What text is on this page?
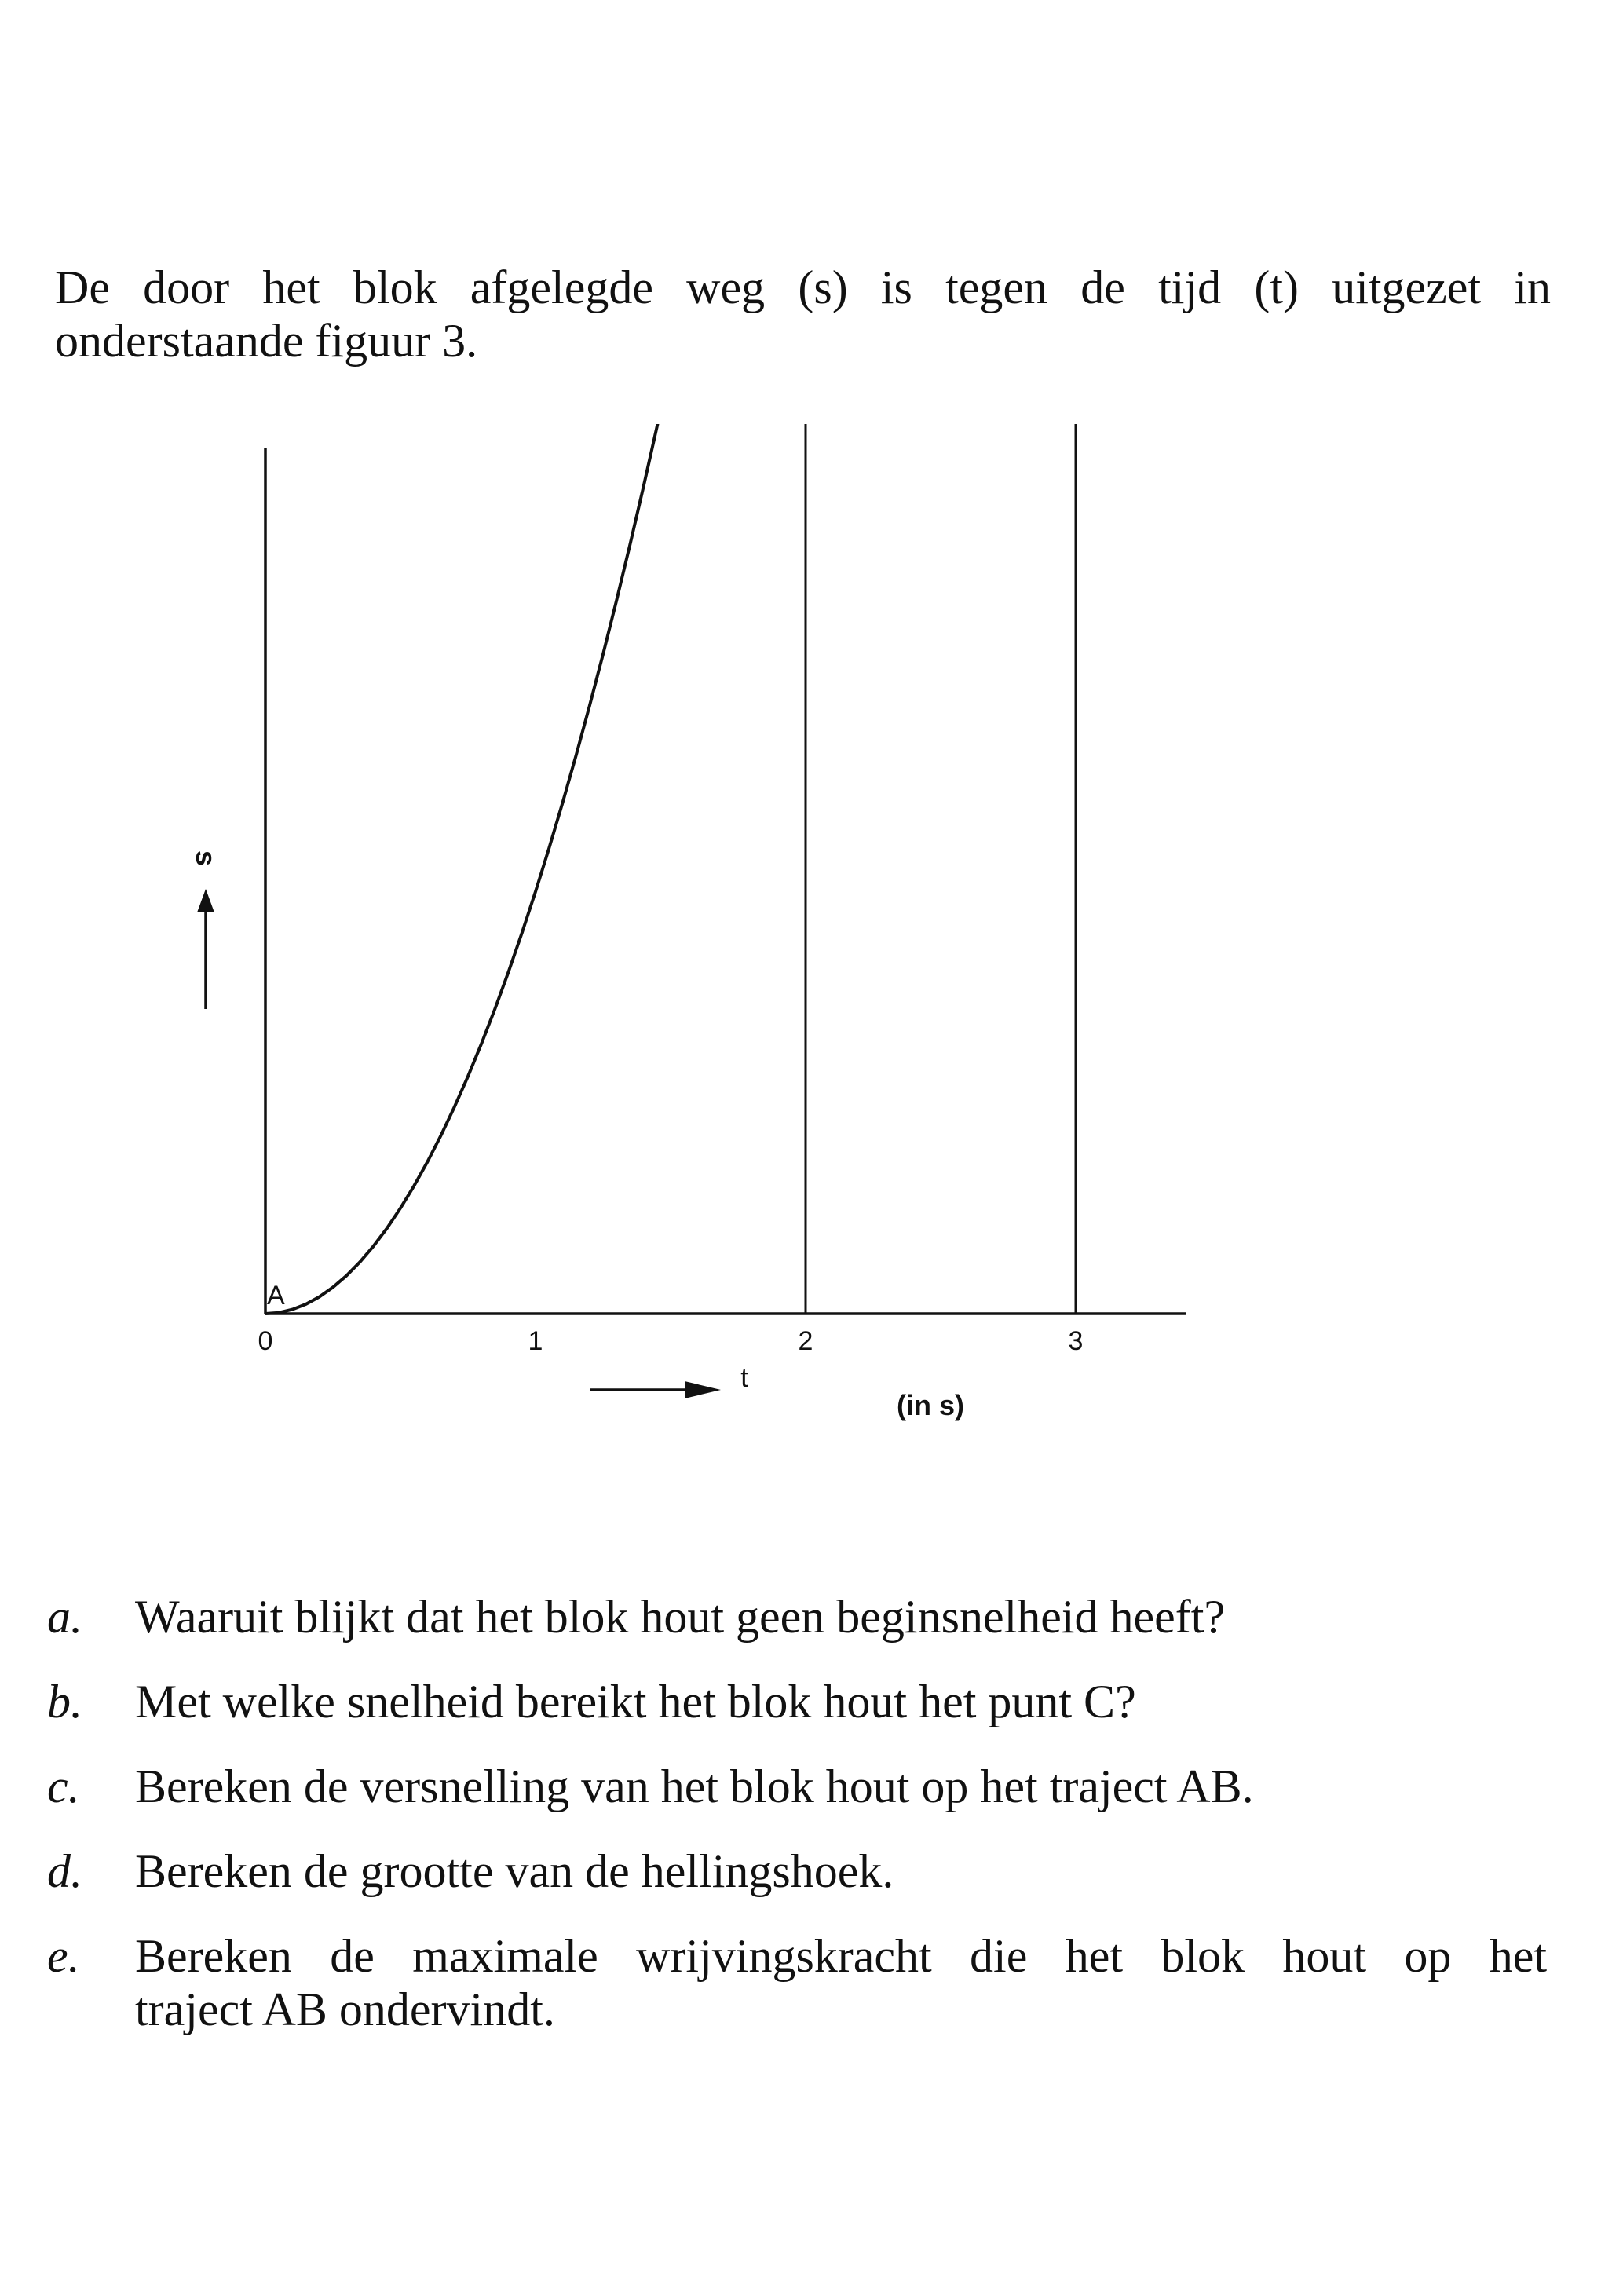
De door het blok afgelegde weg (s) is tegen de tijd (t) uitgezet in
onderstaande figuur 3.

0	1	2	3
A
s
t
(in s)
a. Waaruit blijkt dat het blok hout geen beginsnelheid heeft?
b. Met welke snelheid bereikt het blok hout het punt C?
c. Bereken de versnelling van het blok hout op het traject AB.
d. Bereken de grootte van de hellingshoek.
e. Bereken de maximale wrijvingskracht die het blok hout op het
traject AB ondervindt.
